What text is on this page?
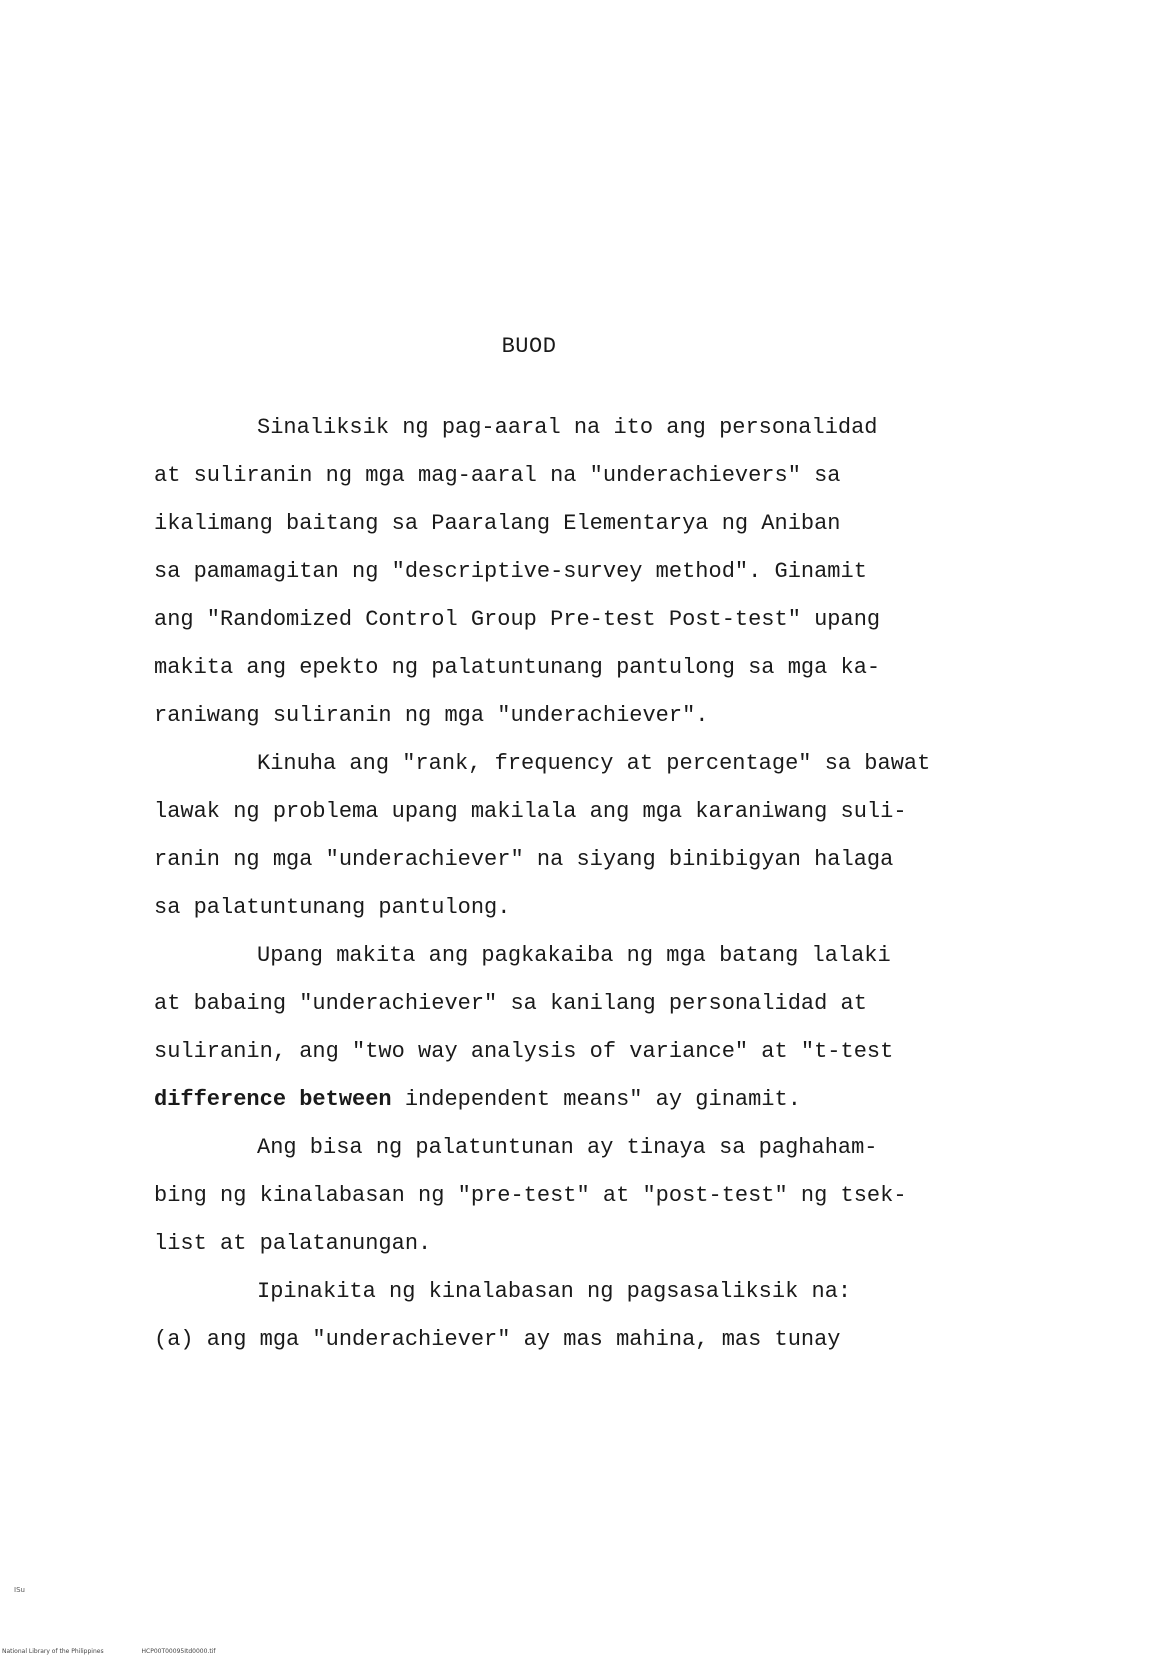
BUOD
Sinaliksik ng pag-aaral na ito ang personalidad
at suliranin ng mga mag-aaral na "underachievers" sa
ikalimang baitang sa Paaralang Elementarya ng Aniban
sa pamamagitan ng "descriptive-survey method". Ginamit
ang "Randomized Control Group Pre-test Post-test" upang
makita ang epekto ng palatuntunang pantulong sa mga ka-
raniwang suliranin ng mga "underachiever".
Kinuha ang "rank, frequency at percentage" sa bawat
lawak ng problema upang makilala ang mga karaniwang suli-
ranin ng mga "underachiever" na siyang binibigyan halaga
sa palatuntunang pantulong.
Upang makita ang pagkakaiba ng mga batang lalaki
at babaing "underachiever" sa kanilang personalidad at
suliranin, ang "two way analysis of variance" at "t-test
difference between independent means" ay ginamit.
Ang bisa ng palatuntunan ay tinaya sa paghaham-
bing ng kinalabasan ng "pre-test" at "post-test" ng tsek-
list at palatanungan.
Ipinakita ng kinalabasan ng pagsasaliksik na:
(a) ang mga "underachiever" ay mas mahina, mas tunay
ISu
National Library of the Philippines	HCP00T00095Itd0000.tif
